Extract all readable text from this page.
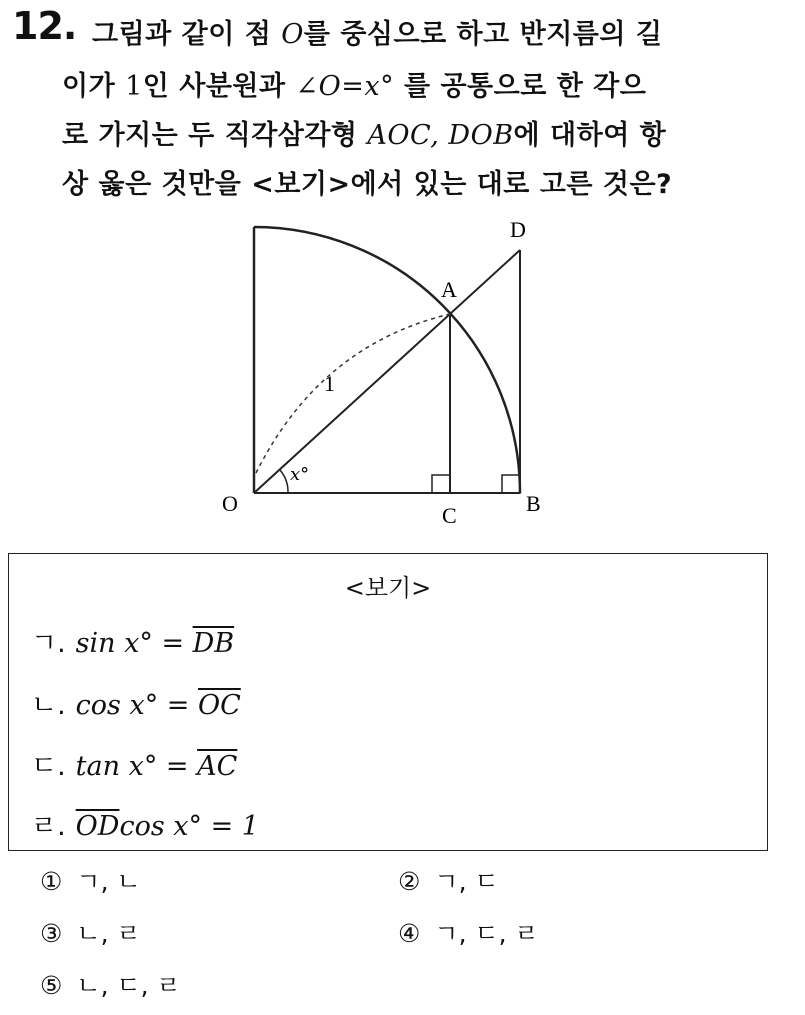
12. 그림과 같이 점 O를 중심으로 하고 반지름의 길
이가 1인 사분원과 ∠O=x° 를 공통으로 한 각으
로 가지는 두 직각삼각형 AOC, DOB에 대하여 항
상 옳은 것만을 <보기>에서 있는 대로 고른 것은?
O
A
B
C
D
1
x°
<보기>
ㄱ. $\sin x^\circ = \overline{DB}$
ㄴ. $\cos x^\circ = \overline{OC}$
ㄷ. $\tan x^\circ = \overline{AC}$
ㄹ. $\overline{OD}\cos$ x° = 1
① ㄱ, ㄴ	② ㄱ, ㄷ
③ ㄴ, ㄹ	④ ㄱ, ㄷ, ㄹ
⑤ ㄴ, ㄷ, ㄹ
